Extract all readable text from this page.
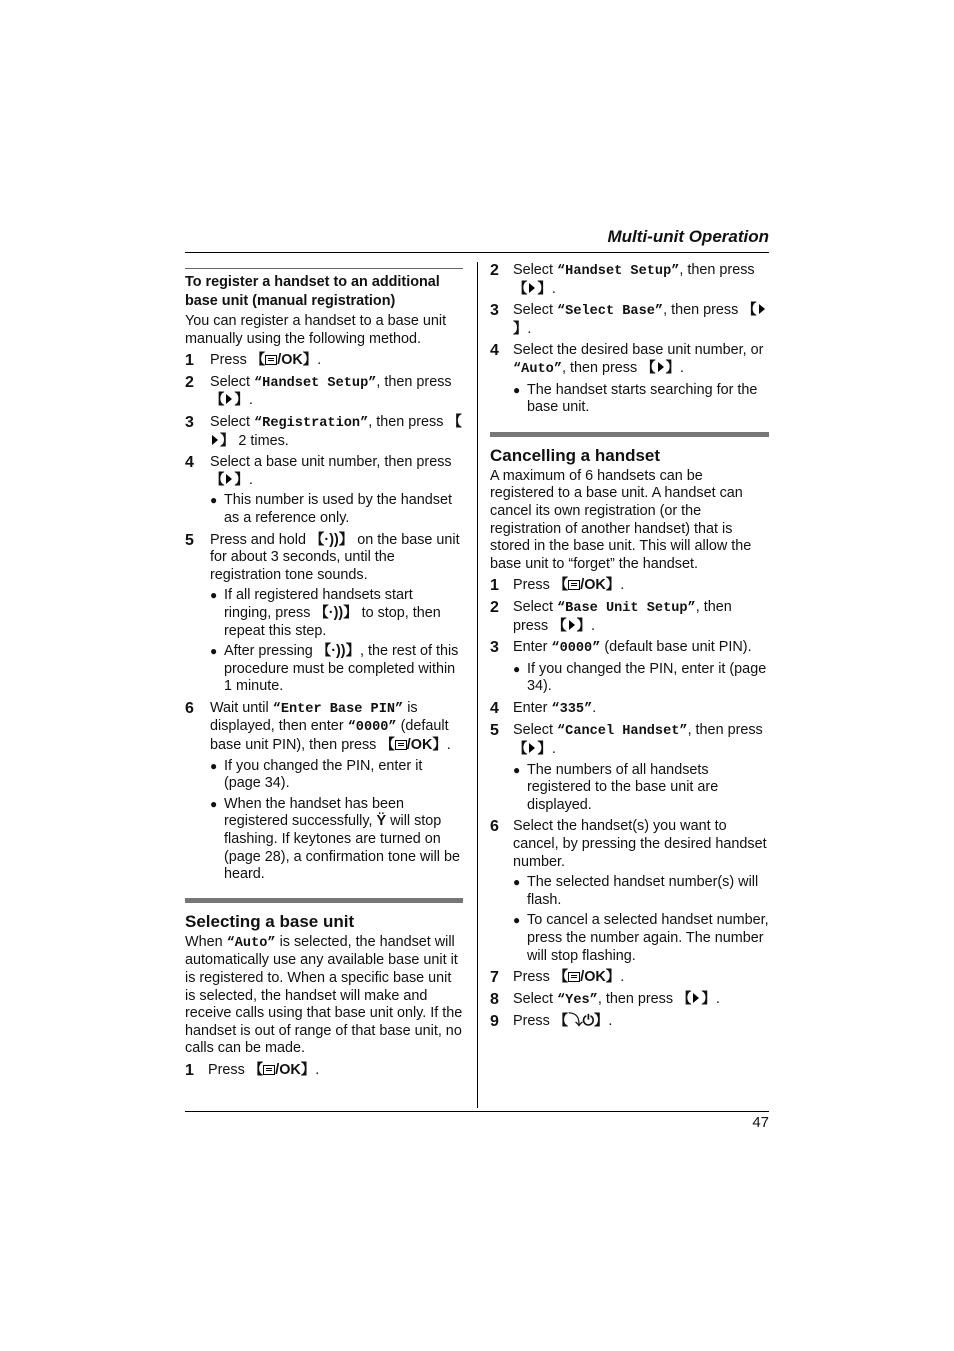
Multi-unit Operation
47
To register a handset to an additional base unit (manual registration)

You can register a handset to a base unit manually using the following method.

1	Press 【 /OK】.
2	Select “Handset Setup”, then press 【 】.
3	Select “Registration”, then press 【】 2 times.
4	Select a base unit number, then press 【 】.
● This number is used by the handset as a reference only.
5	Press and hold 【·))】 on the base unit for about 3 seconds, until the registration tone sounds.
● If all registered handsets start ringing, press 【·))】 to stop, then repeat this step.
● After pressing 【·))】, the rest of this procedure must be completed within 1 minute.
6	Wait until “Enter Base PIN” is displayed, then enter “0000” (default base unit PIN), then press 【 /OK】.
● If you changed the PIN, enter it (page 34).
● When the handset has been registered successfully, Ÿ will stop flashing. If keytones are turned on (page 28), a confirmation tone will be heard.
Selecting a base unit

When “Auto” is selected, the handset will automatically use any available base unit it is registered to. When a specific base unit is selected, the handset will make and receive calls using that base unit only. If the handset is out of range of that base unit, no calls can be made.

1 Press 【 /OK】.
2 Select “Handset Setup”, then press 【 】.
3 Select “Select Base”, then press 【】.
4 Select the desired base unit number, or “Auto”, then press 【 】.
● The handset starts searching for the base unit.
Cancelling a handset

A maximum of 6 handsets can be registered to a base unit. A handset can cancel its own registration (or the registration of another handset) that is stored in the base unit. This will allow the base unit to “forget” the handset.

1 Press 【 /OK】.
2 Select “Base Unit Setup”, then press 【 】.
3 Enter “0000” (default base unit PIN).
● If you changed the PIN, enter it (page 34).
4 Enter “335”.
5 Select “Cancel Handset”, then press 【 】.
● The numbers of all handsets registered to the base unit are displayed.
6 Select the handset(s) you want to cancel, by pressing the desired handset number.
● The selected handset number(s) will flash.
● To cancel a selected handset number, press the number again. The number will stop flashing.
7 Press 【 /OK】.
8 Select “Yes”, then press 【 】.
9 Press 【⤵⏻】.
